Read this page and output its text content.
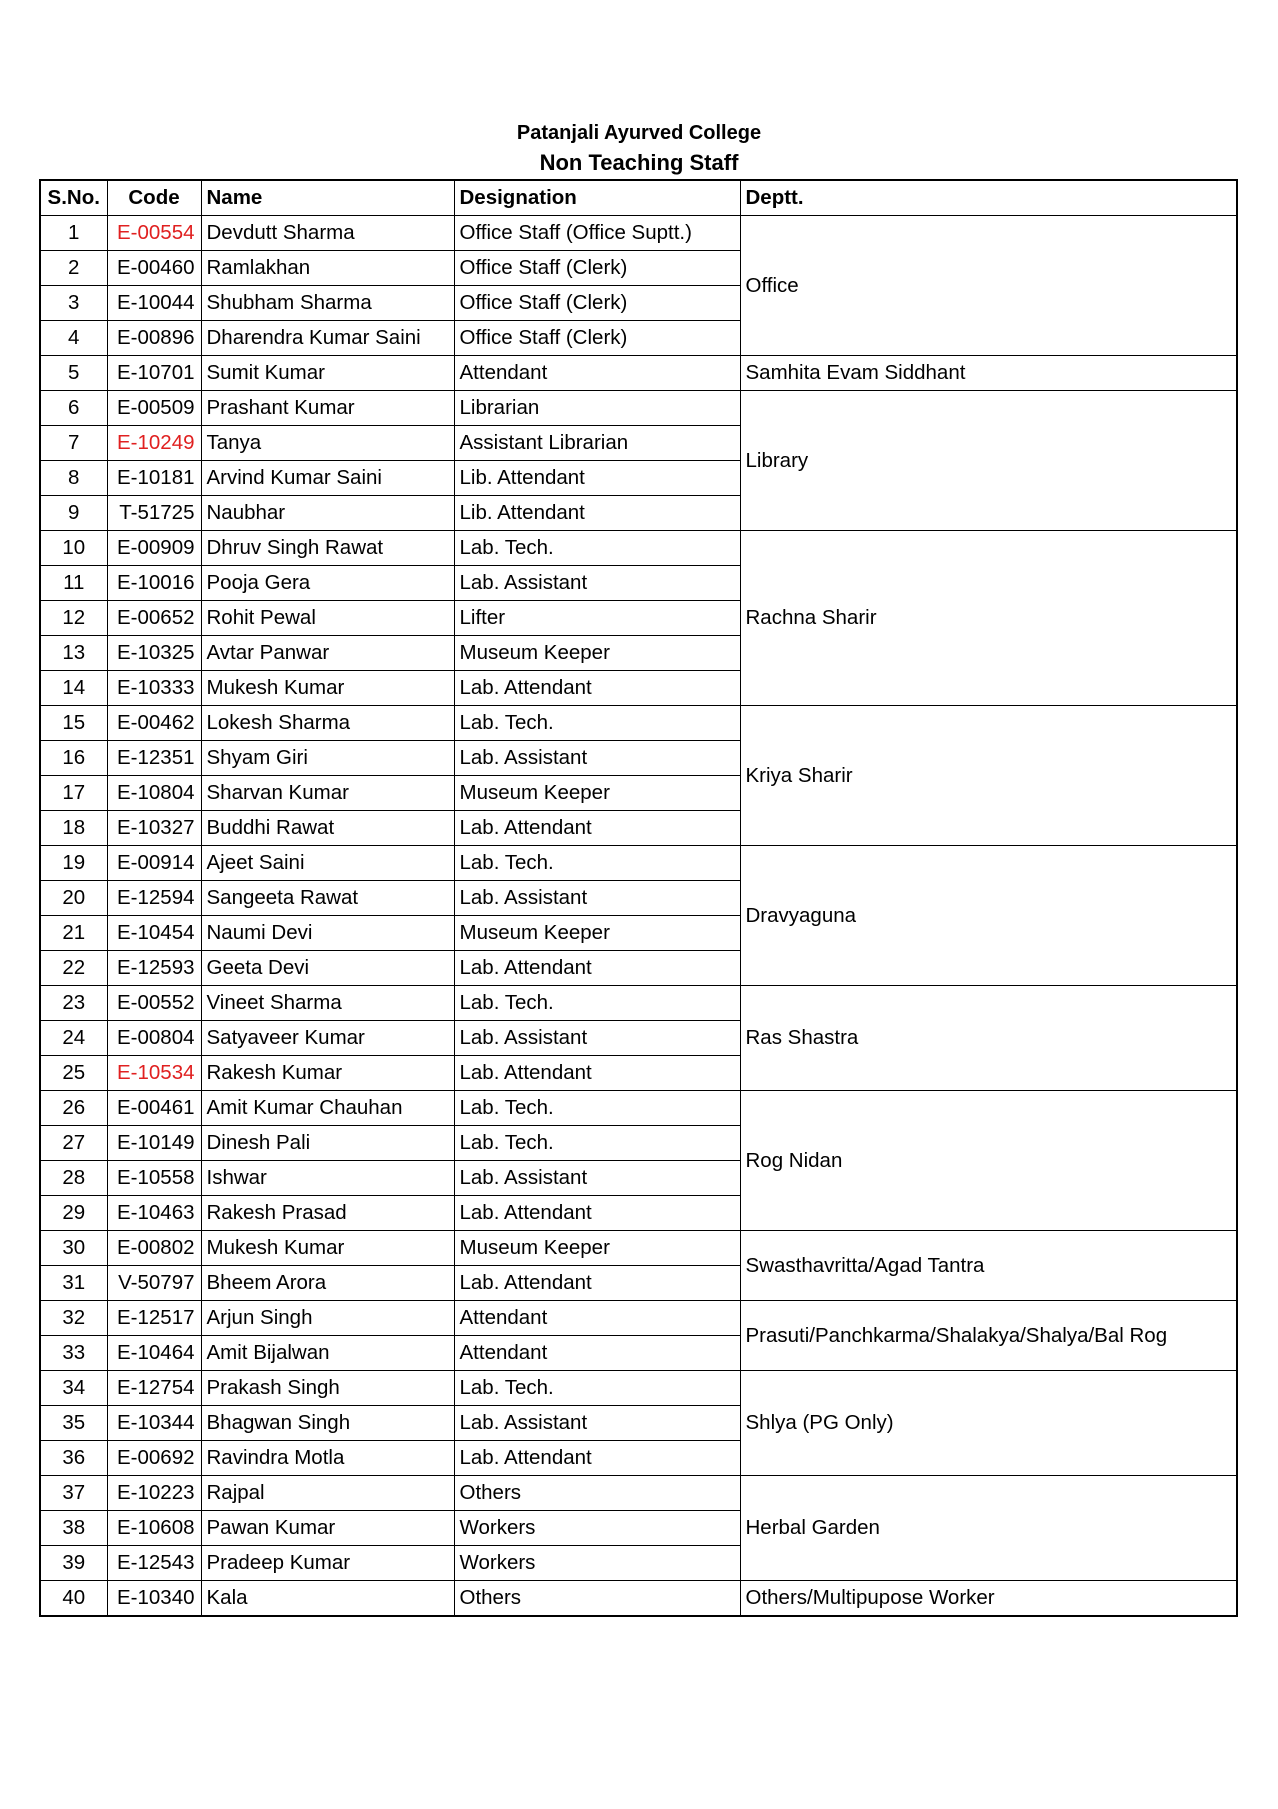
Patanjali Ayurved College
Non Teaching Staff
S.No.	Code	Name	Designation	Deptt.
1	E-00554	Devdutt Sharma	Office Staff (Office Suptt.)	Office
2	E-00460	Ramlakhan	Office Staff (Clerk)	
3	E-10044	Shubham Sharma	Office Staff (Clerk)	
4	E-00896	Dharendra Kumar Saini	Office Staff (Clerk)	
5	E-10701	Sumit Kumar	Attendant	Samhita Evam Siddhant
6	E-00509	Prashant Kumar	Librarian	Library
7	E-10249	Tanya	Assistant Librarian	
8	E-10181	Arvind Kumar Saini	Lib. Attendant	
9	T-51725	Naubhar	Lib. Attendant	
10	E-00909	Dhruv Singh Rawat	Lab. Tech.	Rachna Sharir
11	E-10016	Pooja Gera	Lab. Assistant	
12	E-00652	Rohit Pewal	Lifter	
13	E-10325	Avtar Panwar	Museum Keeper	
14	E-10333	Mukesh Kumar	Lab. Attendant	
15	E-00462	Lokesh Sharma	Lab. Tech.	Kriya Sharir
16	E-12351	Shyam Giri	Lab. Assistant	
17	E-10804	Sharvan Kumar	Museum Keeper	
18	E-10327	Buddhi Rawat	Lab. Attendant	
19	E-00914	Ajeet Saini	Lab. Tech.	Dravyaguna
20	E-12594	Sangeeta Rawat	Lab. Assistant	
21	E-10454	Naumi Devi	Museum Keeper	
22	E-12593	Geeta Devi	Lab. Attendant	
23	E-00552	Vineet Sharma	Lab. Tech.	Ras Shastra
24	E-00804	Satyaveer Kumar	Lab. Assistant	
25	E-10534	Rakesh Kumar	Lab. Attendant	
26	E-00461	Amit Kumar Chauhan	Lab. Tech.	Rog Nidan
27	E-10149	Dinesh Pali	Lab. Tech.	
28	E-10558	Ishwar	Lab. Assistant	
29	E-10463	Rakesh Prasad	Lab. Attendant	
30	E-00802	Mukesh Kumar	Museum Keeper	Swasthavritta/Agad Tantra
31	V-50797	Bheem Arora	Lab. Attendant	
32	E-12517	Arjun Singh	Attendant	Prasuti/Panchkarma/Shalakya/Shalya/Bal Rog
33	E-10464	Amit Bijalwan	Attendant	
34	E-12754	Prakash Singh	Lab. Tech.	Shlya (PG Only)
35	E-10344	Bhagwan Singh	Lab. Assistant	
36	E-00692	Ravindra Motla	Lab. Attendant	
37	E-10223	Rajpal	Others	Herbal Garden
38	E-10608	Pawan Kumar	Workers	
39	E-12543	Pradeep Kumar	Workers	
40	E-10340	Kala	Others	Others/Multipupose Worker
